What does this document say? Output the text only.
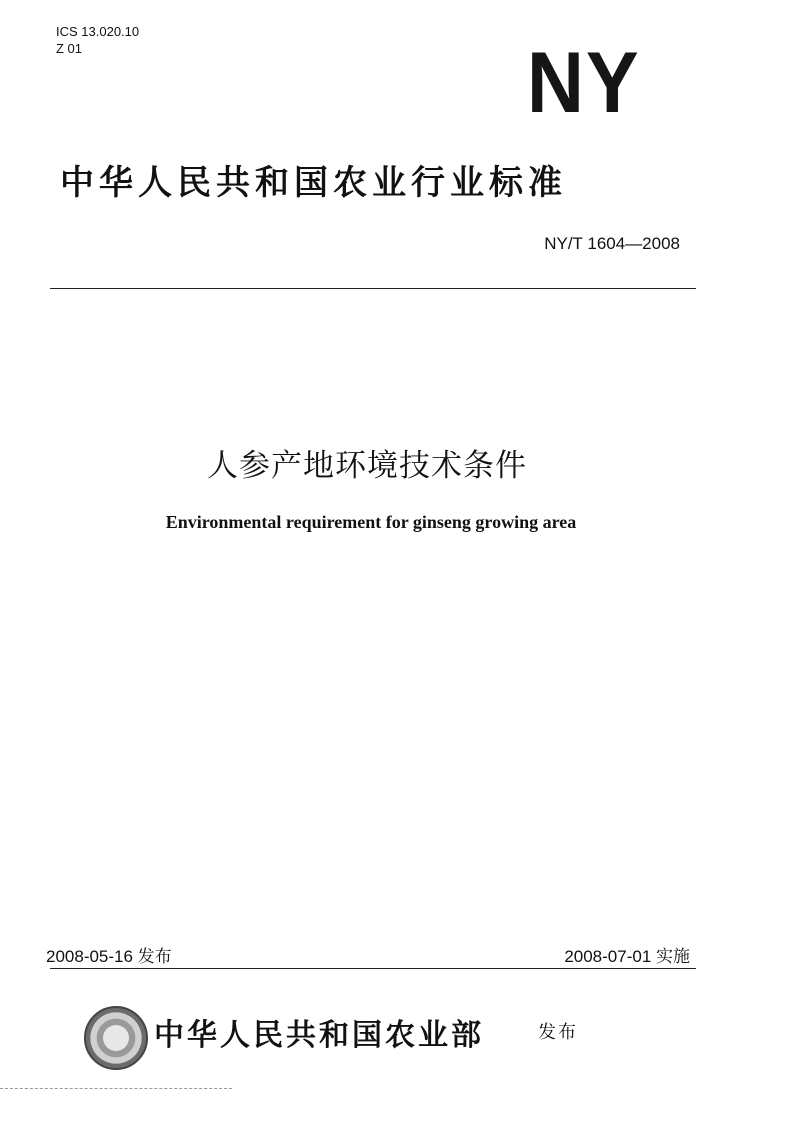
ICS 13.020.10
Z 01	NY
中华人民共和国农业行业标准
NY/T 1604—2008
人参产地环境技术条件
Environmental requirement for ginseng growing area
2008-05-16 发布	2008-07-01 实施
中华人民共和国农业部	发布
